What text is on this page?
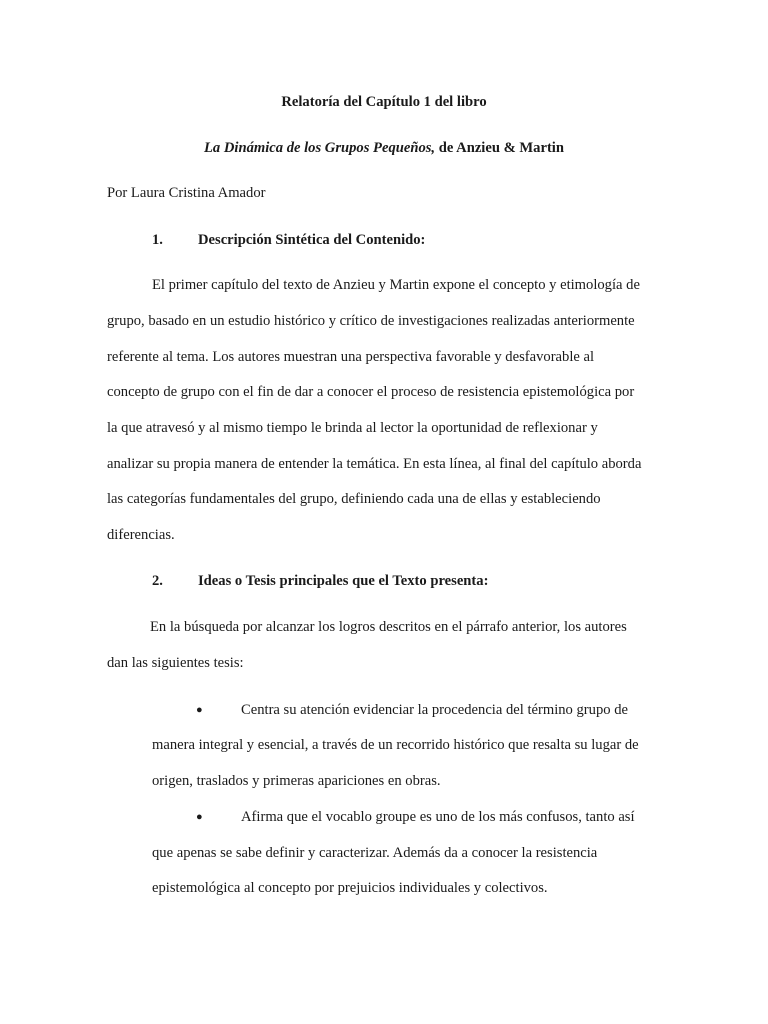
Relatoría del Capítulo 1 del libro
La Dinámica de los Grupos Pequeños, de Anzieu & Martin
Por Laura Cristina Amador
1. Descripción Sintética del Contenido:
El primer capítulo del texto de Anzieu y Martin expone el concepto y etimología de
grupo, basado en un estudio histórico y crítico de investigaciones realizadas anteriormente
referente al tema. Los autores muestran una perspectiva favorable y desfavorable al
concepto de grupo con el fin de dar a conocer el proceso de resistencia epistemológica por
la que atravesó y al mismo tiempo le brinda al lector la oportunidad de reflexionar y
analizar su propia manera de entender la temática. En esta línea, al final del capítulo aborda
las categorías fundamentales del grupo, definiendo cada una de ellas y estableciendo
diferencias.
2. Ideas o Tesis principales que el Texto presenta:
En la búsqueda por alcanzar los logros descritos en el párrafo anterior, los autores
dan las siguientes tesis:
●	Centra su atención evidenciar la procedencia del término grupo de
manera integral y esencial, a través de un recorrido histórico que resalta su lugar de
origen, traslados y primeras apariciones en obras.
●	Afirma que el vocablo groupe es uno de los más confusos, tanto así
que apenas se sabe definir y caracterizar. Además da a conocer la resistencia
epistemológica al concepto por prejuicios individuales y colectivos.
